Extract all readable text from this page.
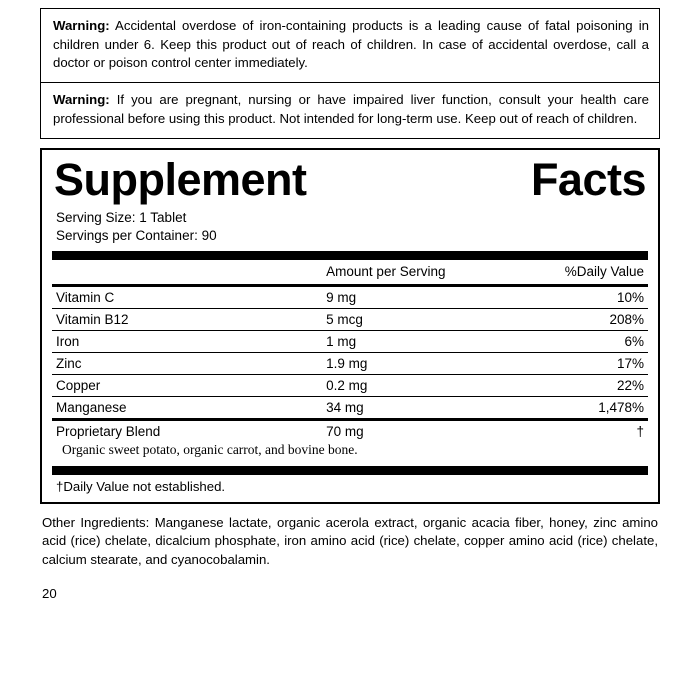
Warning: Accidental overdose of iron-containing products is a leading cause of fatal poisoning in children under 6. Keep this product out of reach of children. In case of accidental overdose, call a doctor or poison control center immediately.

Warning: If you are pregnant, nursing or have impaired liver function, consult your health care professional before using this product. Not intended for long-term use. Keep out of reach of children.

Supplement	Facts
Serving Size: 1 Tablet
Servings per Container: 90
	Amount per Serving	%Daily Value
Vitamin C	9 mg	10%
Vitamin B12	5 mcg	208%
Iron	1 mg	6%
Zinc	1.9 mg	17%
Copper	0.2 mg	22%
Manganese	34 mg	1,478%
Proprietary Blend	70 mg	†
Organic sweet potato, organic carrot, and bovine bone.
†Daily Value not established.
Other Ingredients: Manganese lactate, organic acerola extract, organic acacia fiber, honey, zinc amino acid (rice) chelate, dicalcium phosphate, iron amino acid (rice) chelate, copper amino acid (rice) chelate, calcium stearate, and cyanocobalamin.
20
